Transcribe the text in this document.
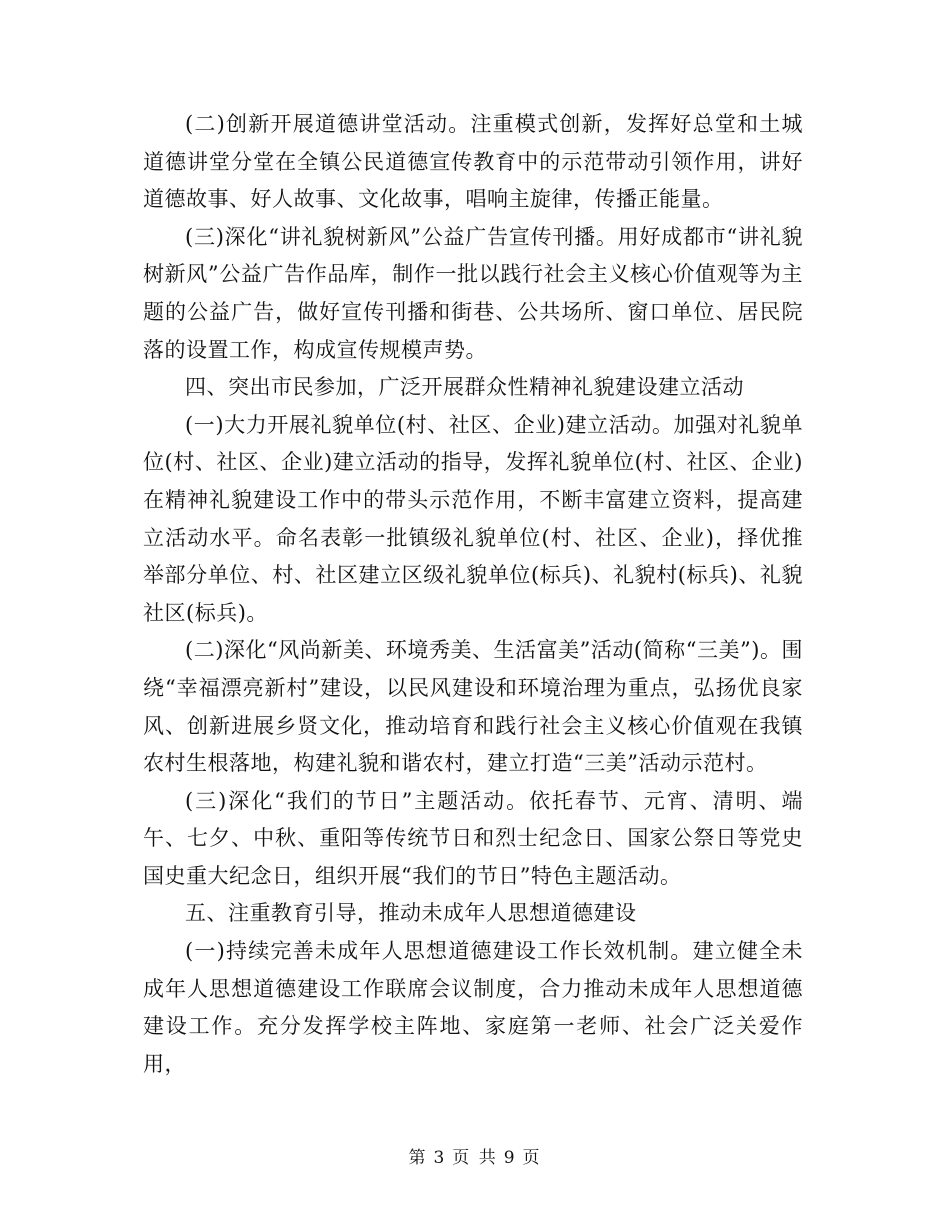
(二)创新开展道德讲堂活动。注重模式创新，发挥好总堂和土城道德讲堂分堂在全镇公民道德宣传教育中的示范带动引领作用，讲好道德故事、好人故事、文化故事，唱响主旋律，传播正能量。

(三)深化“讲礼貌树新风”公益广告宣传刊播。用好成都市“讲礼貌树新风”公益广告作品库，制作一批以践行社会主义核心价值观等为主题的公益广告，做好宣传刊播和街巷、公共场所、窗口单位、居民院落的设置工作，构成宣传规模声势。

四、突出市民参加，广泛开展群众性精神礼貌建设建立活动

(一)大力开展礼貌单位(村、社区、企业)建立活动。加强对礼貌单位(村、社区、企业)建立活动的指导，发挥礼貌单位(村、社区、企业)在精神礼貌建设工作中的带头示范作用，不断丰富建立资料，提高建立活动水平。命名表彰一批镇级礼貌单位(村、社区、企业)，择优推举部分单位、村、社区建立区级礼貌单位(标兵)、礼貌村(标兵)、礼貌社区(标兵)。

(二)深化“风尚新美、环境秀美、生活富美”活动(简称“三美”)。围绕“幸福漂亮新村”建设，以民风建设和环境治理为重点，弘扬优良家风、创新进展乡贤文化，推动培育和践行社会主义核心价值观在我镇农村生根落地，构建礼貌和谐农村，建立打造“三美”活动示范村。

(三)深化“我们的节日”主题活动。依托春节、元宵、清明、端午、七夕、中秋、重阳等传统节日和烈士纪念日、国家公祭日等党史国史重大纪念日，组织开展“我们的节日”特色主题活动。

五、注重教育引导，推动未成年人思想道德建设

(一)持续完善未成年人思想道德建设工作长效机制。建立健全未成年人思想道德建设工作联席会议制度，合力推动未成年人思想道德建设工作。充分发挥学校主阵地、家庭第一老师、社会广泛关爱作用，

第 3 页 共 9 页
